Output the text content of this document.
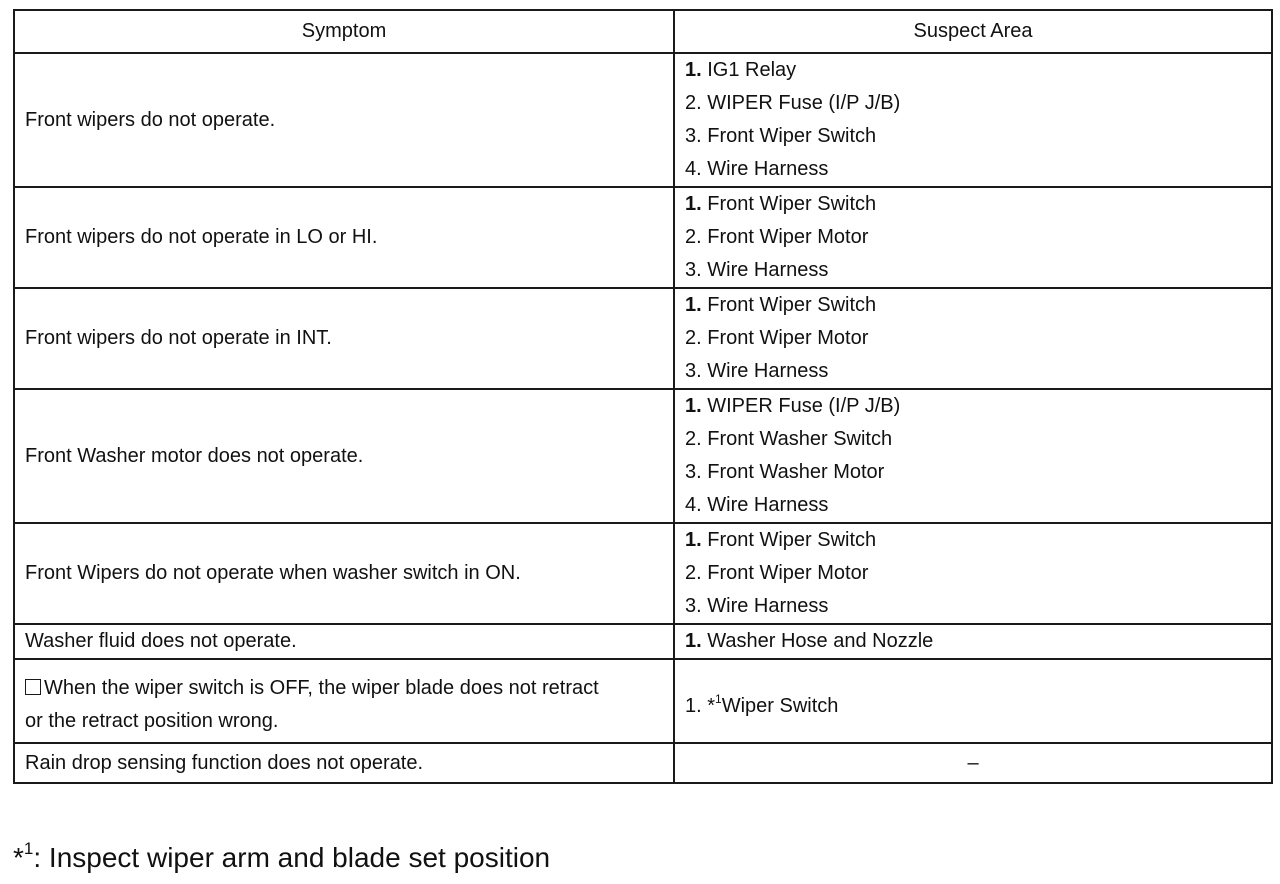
Symptom	Suspect Area
Front wipers do not operate.	1. IG1 Relay
2. WIPER Fuse (I/P J/B)
3. Front Wiper Switch
4. Wire Harness

Front wipers do not operate in LO or HI.	1. Front Wiper Switch
2. Front Wiper Motor
3. Wire Harness

Front wipers do not operate in INT.	1. Front Wiper Switch
2. Front Wiper Motor
3. Wire Harness

Front Washer motor does not operate.	1. WIPER Fuse (I/P J/B)
2. Front Washer Switch
3. Front Washer Motor
4. Wire Harness

Front Wipers do not operate when washer switch in ON.	1. Front Wiper Switch
2. Front Wiper Motor
3. Wire Harness

Washer fluid does not operate.	1. Washer Hose and Nozzle
When the wiper switch is OFF, the wiper blade does not retract
or the retract position wrong.	1. *$^1$Wiper Switch
Rain drop sensing function does not operate.	–
*$^1$: Inspect wiper arm and blade set position
